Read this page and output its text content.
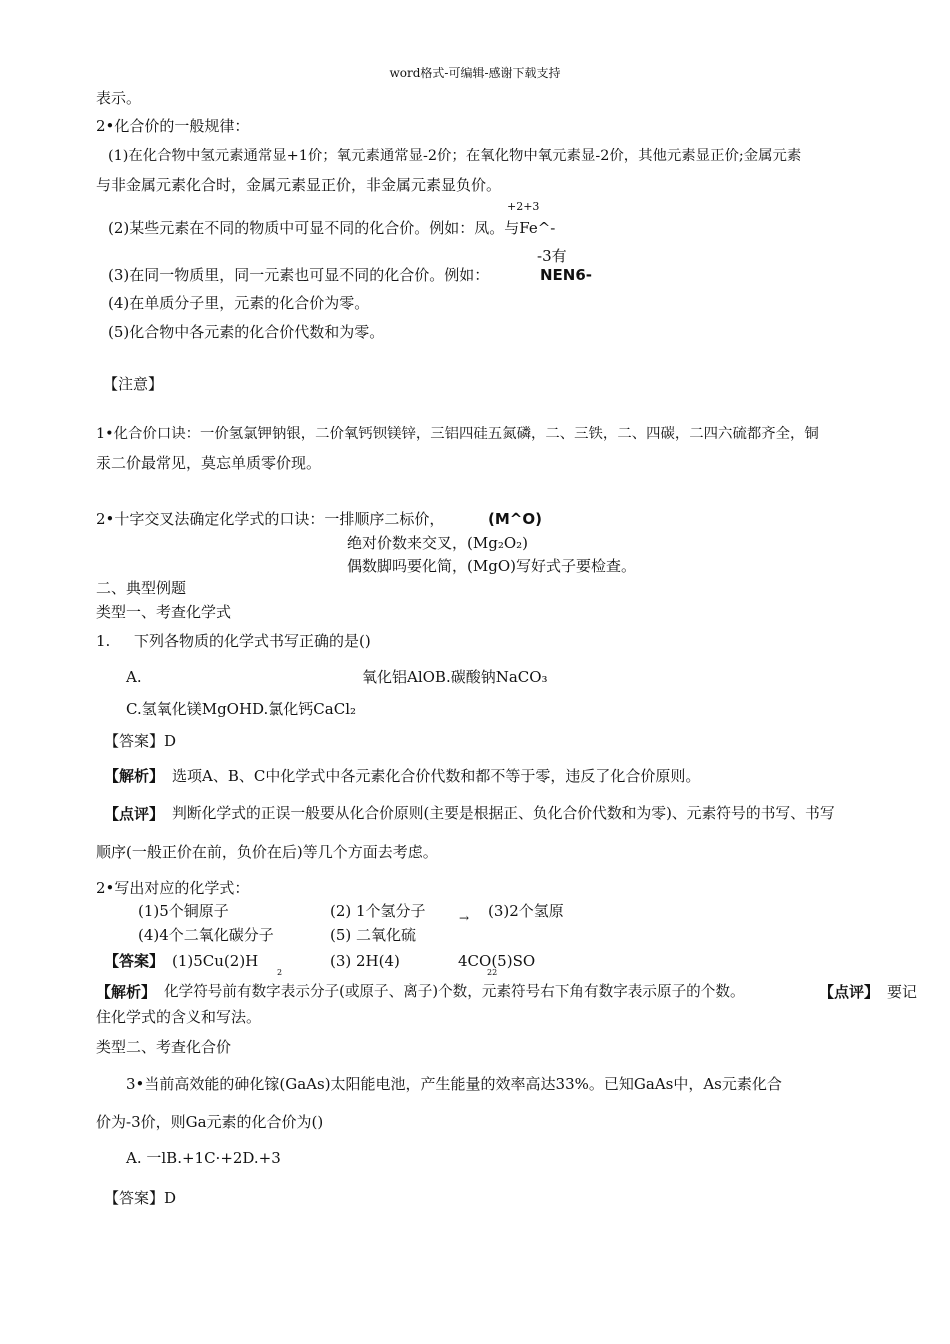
word格式-可编辑-感谢下载支持
表示。
2•化合价的一般规律：
(1)在化合物中氢元素通常显+1价；氧元素通常显-2价；在氧化物中氧元素显-2价，其他元素显正价;金属元素
与非金属元素化合时，金属元素显正价，非金属元素显负价。
+2+3
(2)某些元素在不同的物质中可显不同的化合价。例如：凤。与Fe^-
-3有
(3)在同一物质里，同一元素也可显不同的化合价。例如：	NEN6-
(4)在单质分子里，元素的化合价为零。
(5)化合物中各元素的化合价代数和为零。
【注意】
1•化合价口诀：一价氢氯钾钠银，二价氧钙钡镁锌，三铝四硅五氮磷，二、三铁，二、四碳，二四六硫都齐全，铜
汞二价最常见，莫忘单质零价现。
2•十字交叉法确定化学式的口诀：一排顺序二标价，	(M^O)
绝对价数来交叉，(Mg₂O₂)
偶数脚吗要化简，(MgO)写好式子要检查。
二、典型例题
类型一、考查化学式
1. 下列各物质的化学式书写正确的是()
A.	氧化铝AlOB.碳酸钠NaCO₃
C.氢氧化镁MgOHD.氯化钙CaCl₂
【答案】D
【解析】 选项A、B、C中化学式中各元素化合价代数和都不等于零，违反了化合价原则。
【点评】 判断化学式的正误一般要从化合价原则(主要是根据正、负化合价代数和为零)、元素符号的书写、书写
顺序(一般正价在前，负价在后)等几个方面去考虑。
2•写出对应的化学式：
(1)5个铜原子	(2) 1个氢分子	→ (3)2个氢原
(4)4个二氧化碳分子	(5) 二氧化硫
【答案】 (1)5Cu(2)H	(3) 2H(4)	4CO(5)SO
2	22
【解析】 化学符号前有数字表示分子(或原子、离子)个数，元素符号右下角有数字表示原子的个数。	【点评】 要记
住化学式的含义和写法。
类型二、考查化合价
3•当前高效能的砷化镓(GaAs)太阳能电池，产生能量的效率高达33%。已知GaAs中，As元素化合
价为-3价，则Ga元素的化合价为()
A. 一lB.+1C·+2D.+3
【答案】D
